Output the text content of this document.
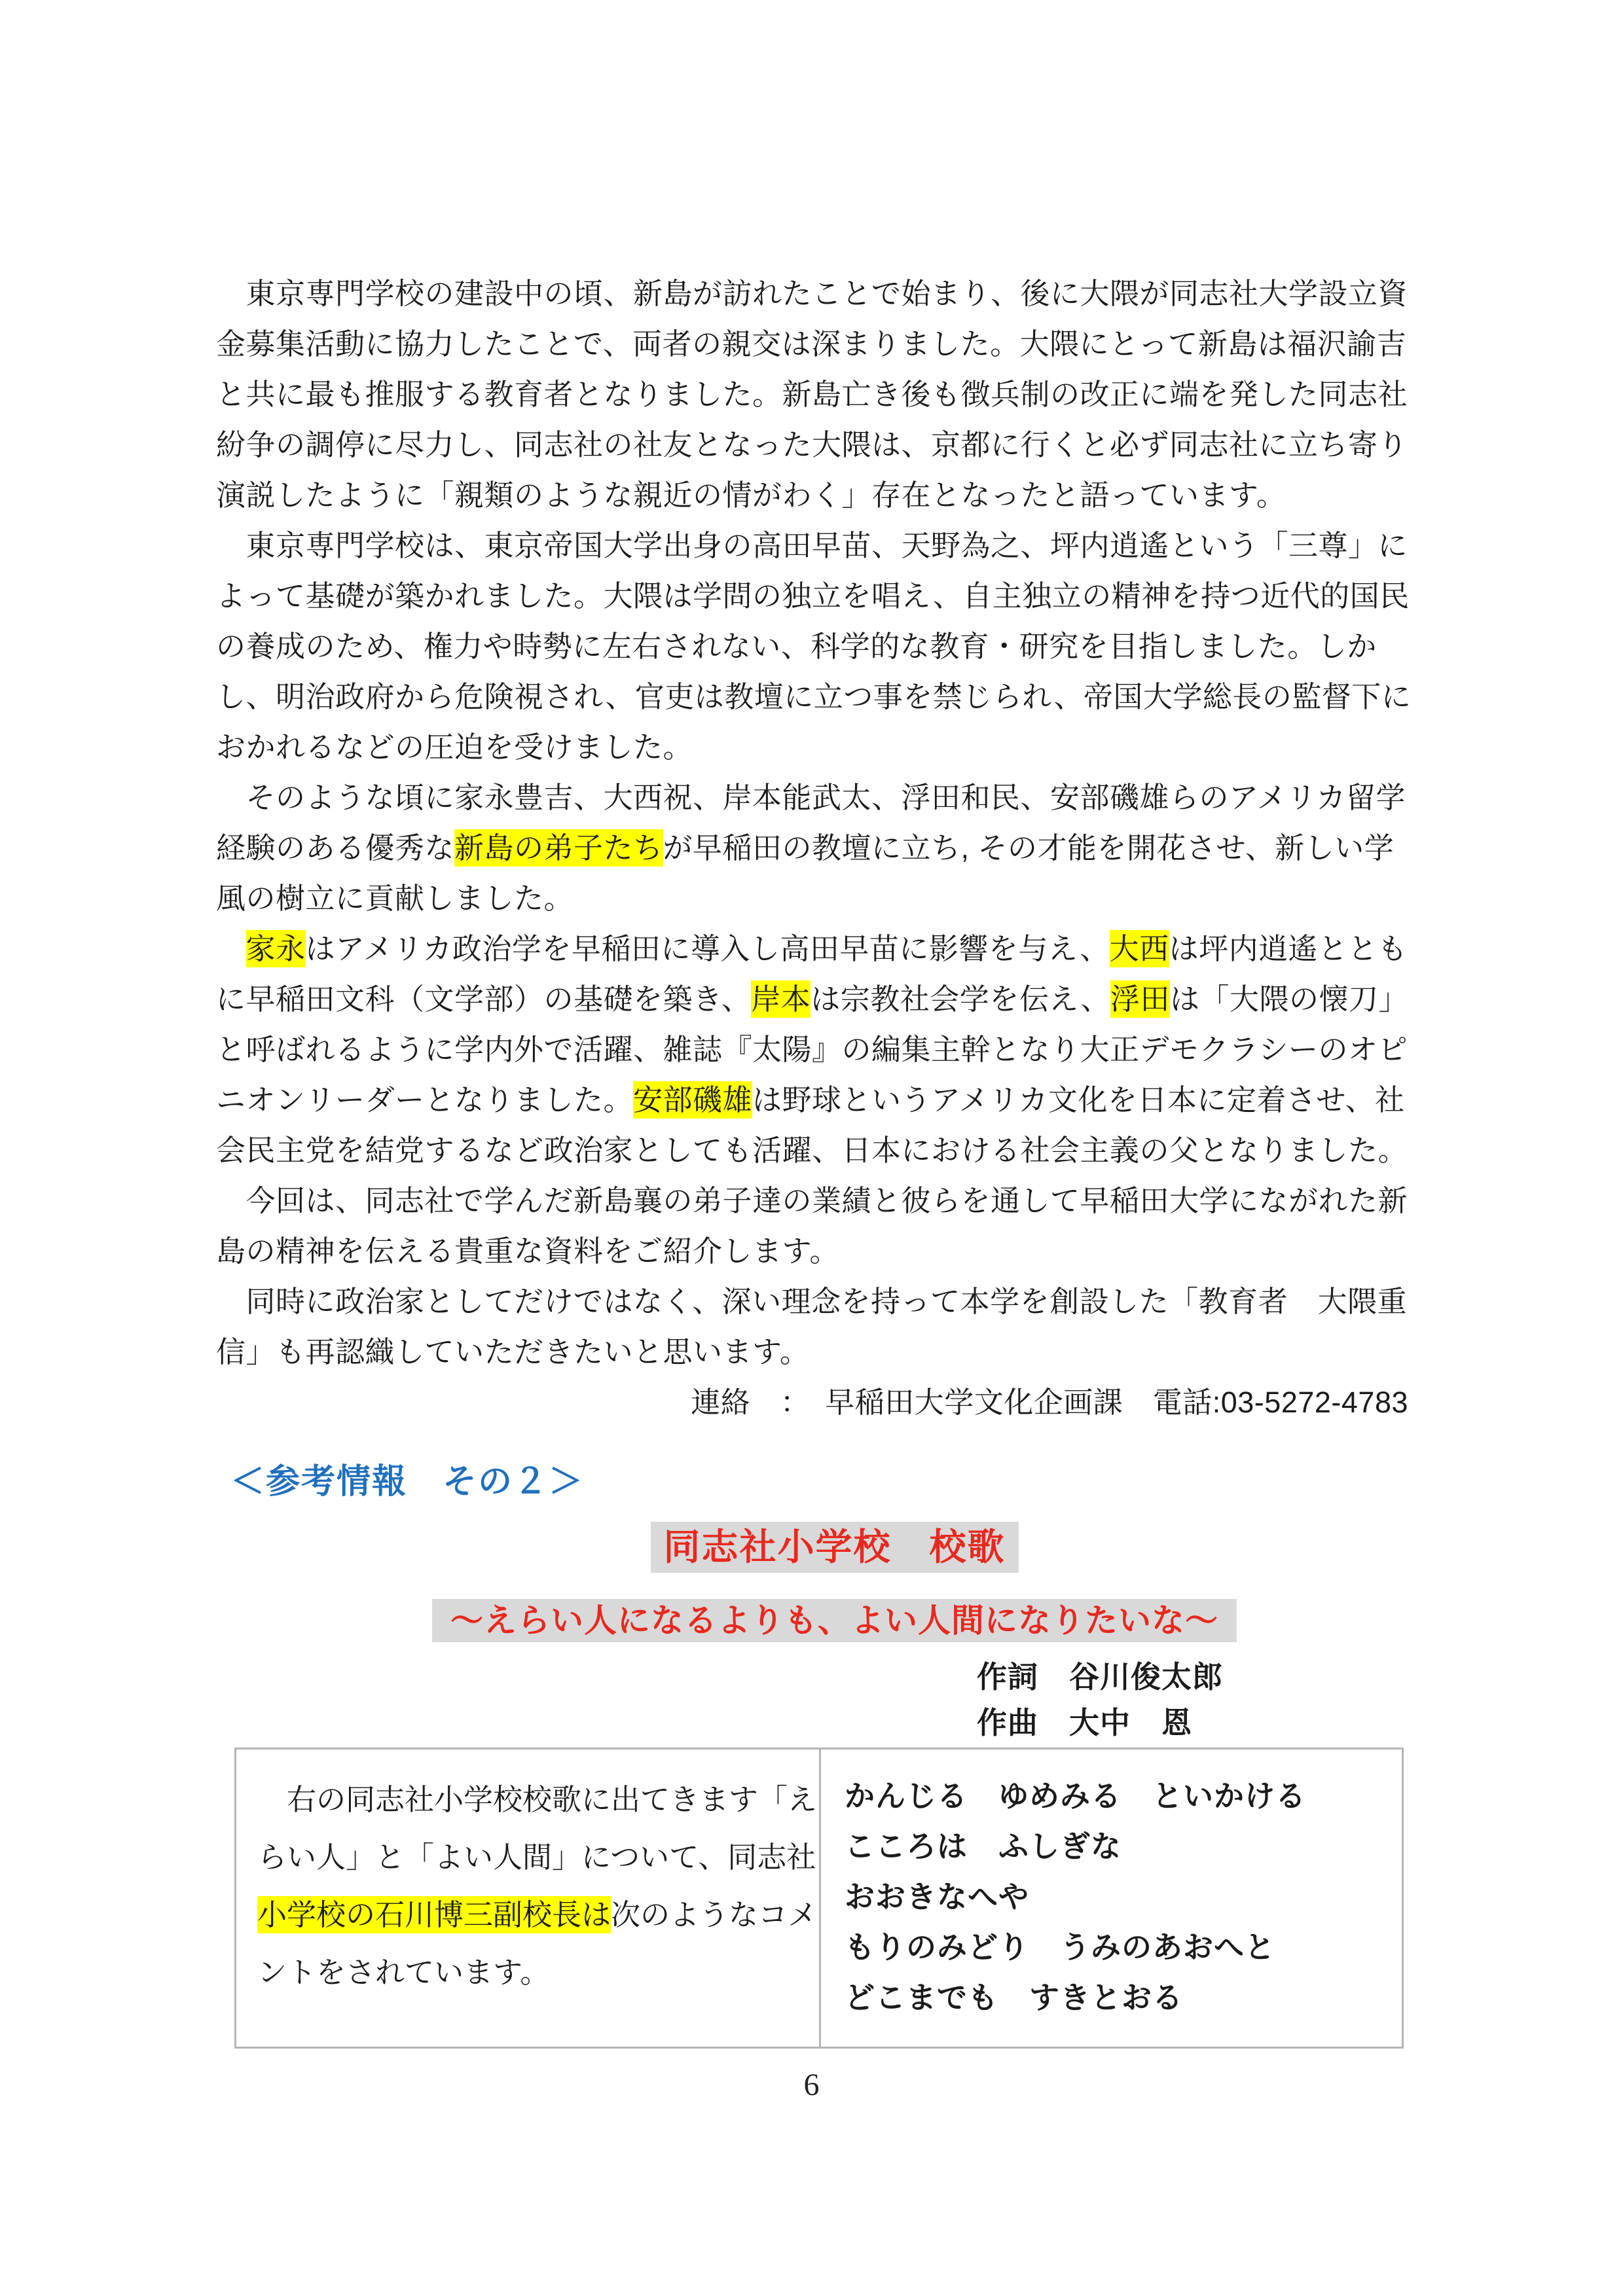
　東京専門学校の建設中の頃、新島が訪れたことで始まり、後に大隈が同志社大学設立資
金募集活動に協力したことで、両者の親交は深まりました。大隈にとって新島は福沢諭吉
と共に最も推服する教育者となりました。新島亡き後も徴兵制の改正に端を発した同志社
紛争の調停に尽力し、同志社の社友となった大隈は、京都に行くと必ず同志社に立ち寄り
演説したように「親類のような親近の情がわく」存在となったと語っています。
　東京専門学校は、東京帝国大学出身の高田早苗、天野為之、坪内逍遙という「三尊」に
よって基礎が築かれました。大隈は学問の独立を唱え、自主独立の精神を持つ近代的国民
の養成のため、権力や時勢に左右されない、科学的な教育・研究を目指しました。しか
し、明治政府から危険視され、官吏は教壇に立つ事を禁じられ、帝国大学総長の監督下に
おかれるなどの圧迫を受けました。
　そのような頃に家永豊吉、大西祝、岸本能武太、浮田和民、安部磯雄らのアメリカ留学
経験のある優秀な新島の弟子たちが早稲田の教壇に立ち, その才能を開花させ、新しい学
風の樹立に貢献しました。
　家永はアメリカ政治学を早稲田に導入し高田早苗に影響を与え、大西は坪内逍遙ととも
に早稲田文科（文学部）の基礎を築き、岸本は宗教社会学を伝え、浮田は「大隈の懐刀」
と呼ばれるように学内外で活躍、雑誌『太陽』の編集主幹となり大正デモクラシーのオピ
ニオンリーダーとなりました。安部磯雄は野球というアメリカ文化を日本に定着させ、社
会民主党を結党するなど政治家としても活躍、日本における社会主義の父となりました。
　今回は、同志社で学んだ新島襄の弟子達の業績と彼らを通して早稲田大学にながれた新
島の精神を伝える貴重な資料をご紹介します。
　同時に政治家としてだけではなく、深い理念を持って本学を創設した「教育者　大隈重
信」も再認織していただきたいと思います。
連絡　：　早稲田大学文化企画課　電話:03-5272-4783
＜参考情報　その２＞
同志社小学校　校歌
～えらい人になるよりも、よい人間になりたいな～
作詞　谷川俊太郎
作曲　大中　恩
　右の同志社小学校校歌に出てきます「え
らい人」と「よい人間」について、同志社
小学校の石川博三副校長は次のようなコメ
ントをされています。
かんじる　ゆめみる　といかける
こころは　ふしぎな
おおきなへや
もりのみどり　うみのあおへと
どこまでも　すきとおる
6
